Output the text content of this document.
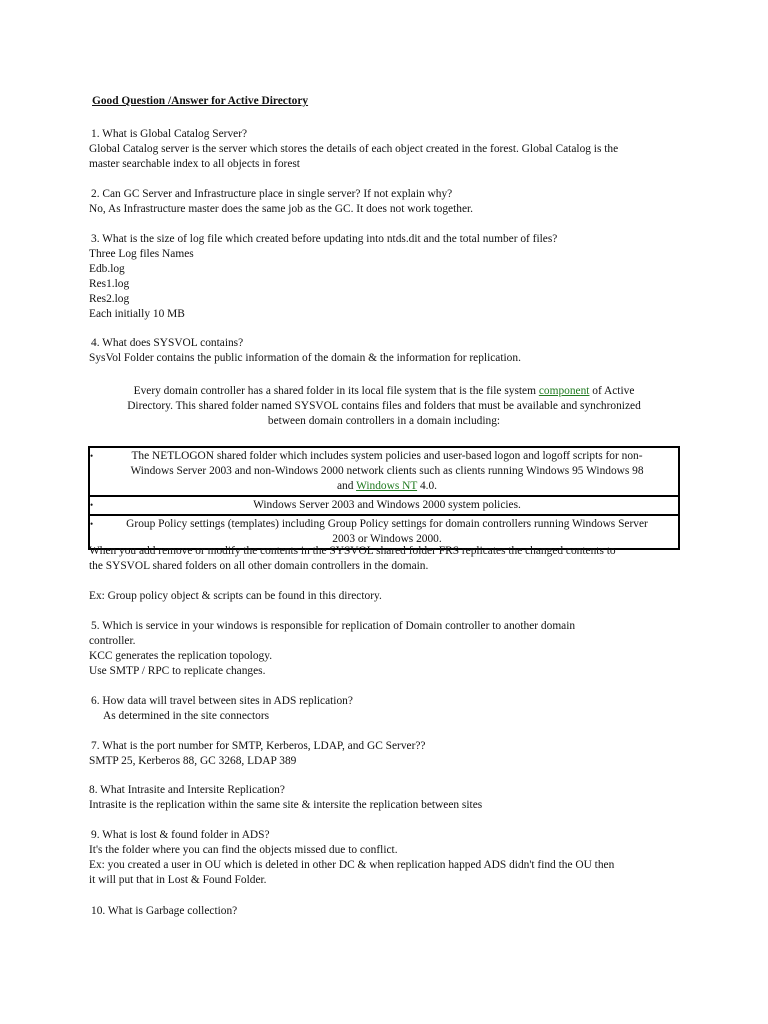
Good Question /Answer for Active Directory

1. What is Global Catalog Server?

Global Catalog server is the server which stores the details of each object created in the forest. Global Catalog is the

master searchable index to all objects in forest

2. Can GC Server and Infrastructure place in single server? If not explain why?

No, As Infrastructure master does the same job as the GC. It does not work together.

3. What is the size of log file which created before updating into ntds.dit and the total number of files?

Three Log files Names

Edb.log

Res1.log

Res2.log

Each initially 10 MB

4. What does SYSVOL contains?

SysVol Folder contains the public information of the domain & the information for replication.

Every domain controller has a shared folder in its local file system that is the file system component of Active

Directory. This shared folder named SYSVOL contains files and folders that must be available and synchronized

between domain controllers in a domain including:

•	The NETLOGON shared folder which includes system policies and user-based logon and logoff scripts for non-
Windows Server 2003 and non-Windows 2000 network clients such as clients running Windows 95 Windows 98
and Windows NT 4.0.

•	Windows Server 2003 and Windows 2000 system policies.

•	Group Policy settings (templates) including Group Policy settings for domain controllers running Windows Server
2003 or Windows 2000.

When you add remove or modify the contents in the SYSVOL shared folder FRS replicates the changed contents to

the SYSVOL shared folders on all other domain controllers in the domain.

Ex: Group policy object & scripts can be found in this directory.

5. Which is service in your windows is responsible for replication of Domain controller to another domain

controller.

KCC generates the replication topology.

Use SMTP / RPC to replicate changes.

6. How data will travel between sites in ADS replication?

As determined in the site connectors

7. What is the port number for SMTP, Kerberos, LDAP, and GC Server??

SMTP 25, Kerberos 88, GC 3268, LDAP 389

8. What Intrasite and Intersite Replication?

Intrasite is the replication within the same site & intersite the replication between sites

9. What is lost & found folder in ADS?

It's the folder where you can find the objects missed due to conflict.

Ex: you created a user in OU which is deleted in other DC & when replication happed ADS didn't find the OU then

it will put that in Lost & Found Folder.

10. What is Garbage collection?
